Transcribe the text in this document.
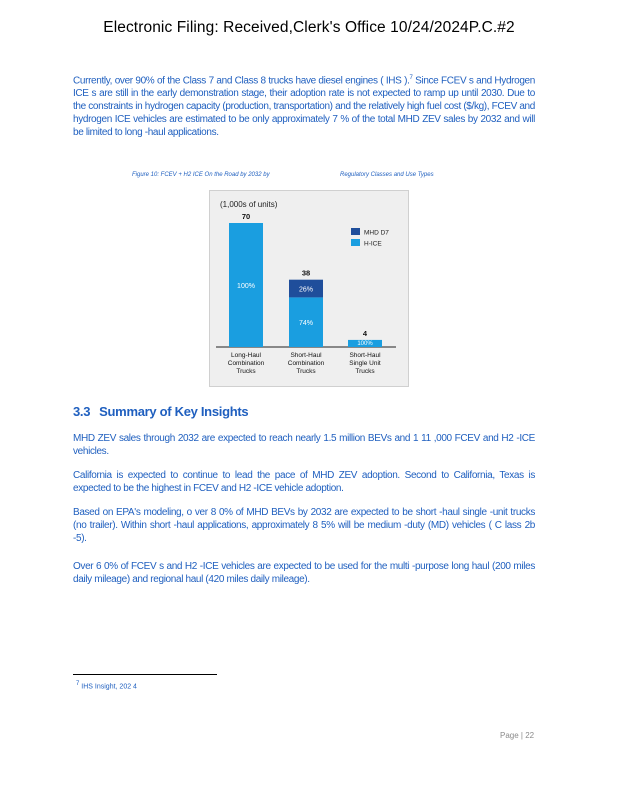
Electronic Filing: Received,Clerk's Office 10/24/2024P.C.#2

Currently, over 90% of the Class 7 and Class 8 trucks have diesel engines ( IHS ).$^7$ Since FCEV s and Hydrogen ICE s are still in the early demonstration stage, their adoption rate is not expected to ramp up until 2030. Due to the constraints in hydrogen capacity (production, transportation) and the relatively high fuel cost ($/kg), FCEV and hydrogen ICE vehicles are estimated to be only approximately 7 % of the total MHD ZEV sales by 2032 and will be limited to long -haul applications.

Figure 10: FCEV + H2 ICE On the Road by 2032 by	Regulatory Classes and Use Types
(1,000s of units)
100%
70
Long-Haul
Combination
Trucks
74%
26%
38
Short-Haul
Combination
Trucks
100%
4
Short-Haul
Single Unit
Trucks
MHD D7
H-ICE
3.3 Summary of Key Insights

MHD ZEV sales through 2032 are expected to reach nearly 1.5 million BEVs and 1 11 ,000 FCEV and H2 -ICE vehicles.

California is expected to continue to lead the pace of MHD ZEV adoption. Second to California, Texas is expected to be the highest in FCEV and H2 -ICE vehicle adoption.

Based on EPA's modeling, o ver 8 0% of MHD BEVs by 2032 are expected to be short -haul single -unit trucks (no trailer). Within short -haul applications, approximately 8 5% will be medium -duty (MD) vehicles ( C lass 2b -5).

Over 6 0% of FCEV s and H2 -ICE vehicles are expected to be used for the multi -purpose long haul (200 miles daily mileage) and regional haul (420 miles daily mileage).

$^7$ IHS Insight, 202 4
Page | 22
